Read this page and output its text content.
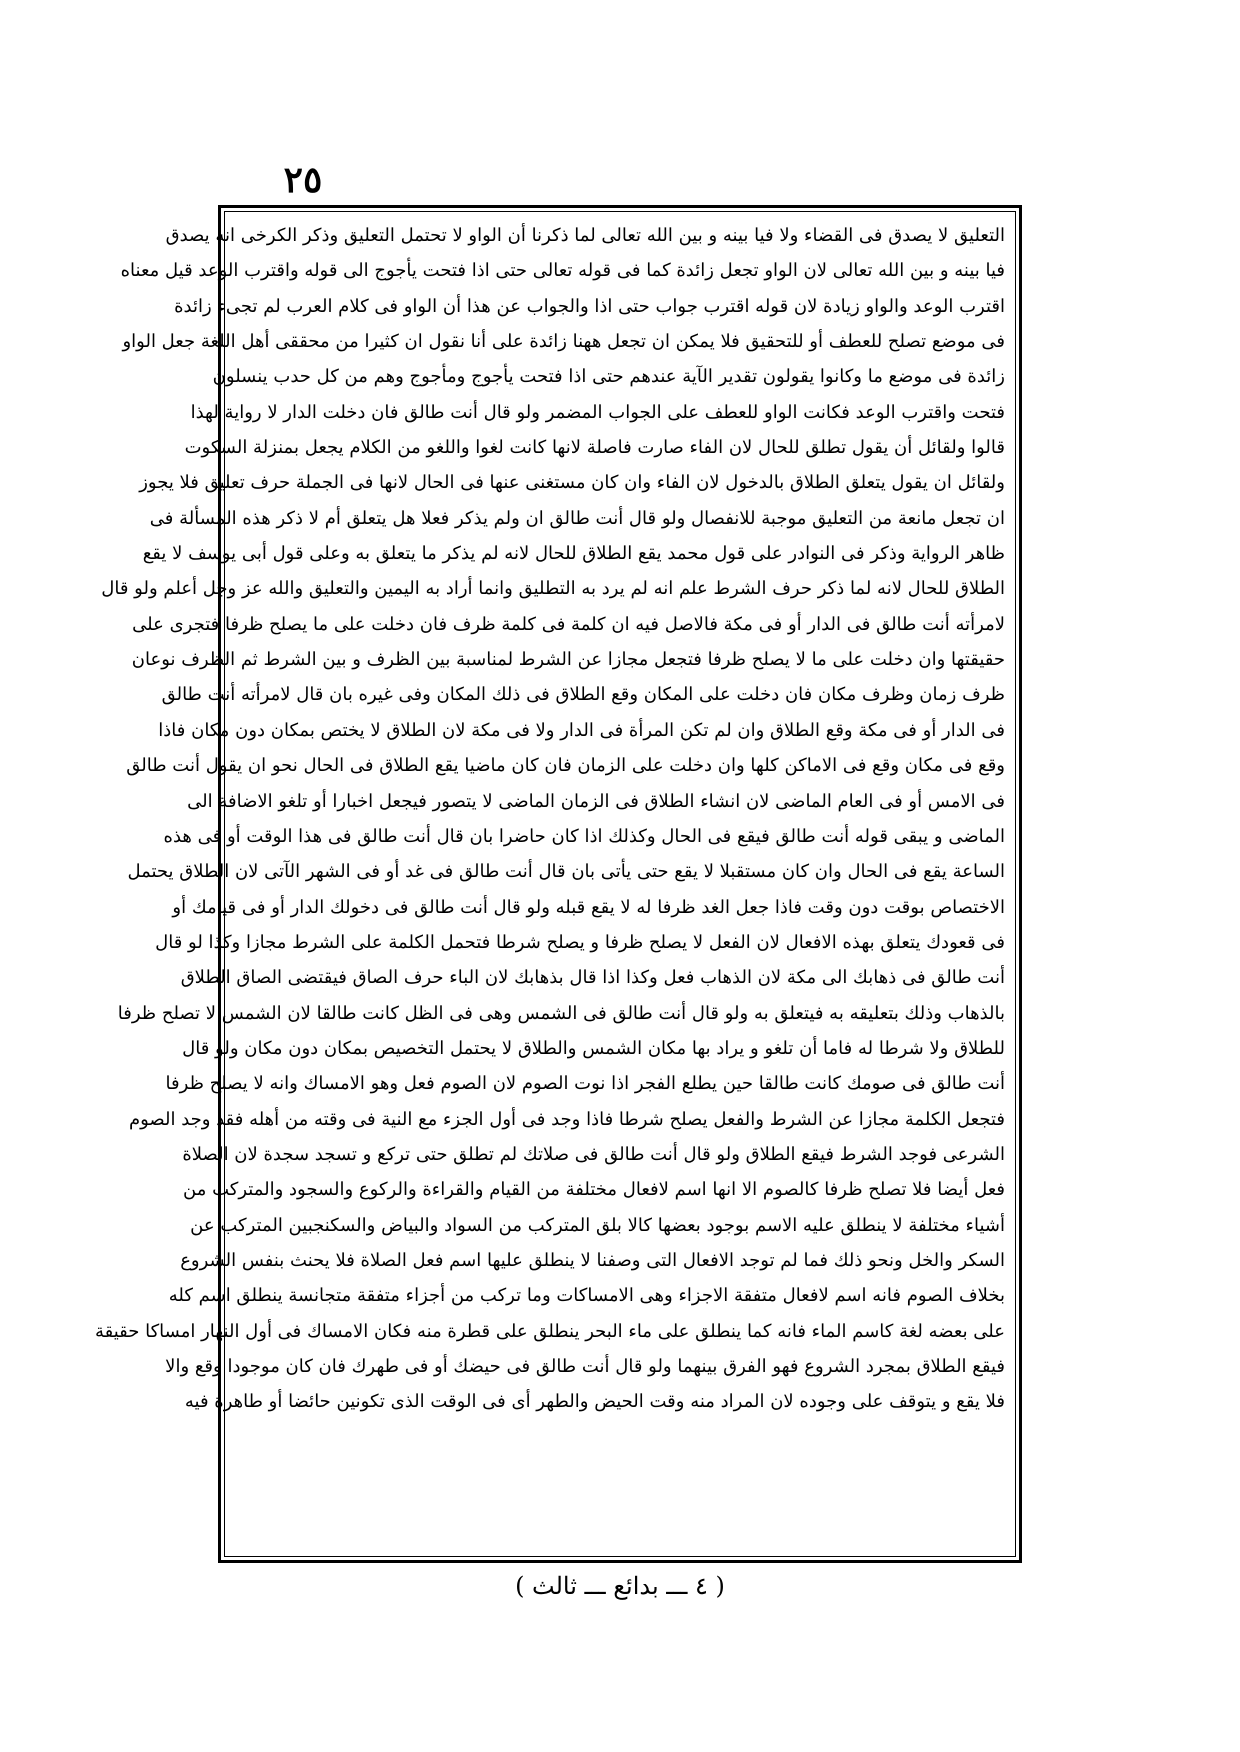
٢٥
التعليق لا يصدق فى القضاء ولا فيا بينه و بين الله تعالى لما ذكرنا أن الواو لا تحتمل التعليق وذكر الكرخى انه يصدق
فيا بينه و بين الله تعالى لان الواو تجعل زائدة كما فى قوله تعالى حتى اذا فتحت يأجوج الى قوله واقترب الوعد قيل معناه
اقترب الوعد والواو زيادة لان قوله اقترب جواب حتى اذا والجواب عن هذا أن الواو فى كلام العرب لم تجىء زائدة
فى موضع تصلح للعطف أو للتحقيق فلا يمكن ان تجعل ههنا زائدة على أنا نقول ان كثيرا من محققى أهل اللغة جعل الواو
زائدة فى موضع ما وكانوا يقولون تقدير الآية عندهم حتى اذا فتحت يأجوج ومأجوج وهم من كل حدب ينسلون
فتحت واقترب الوعد فكانت الواو للعطف على الجواب المضمر ولو قال أنت طالق فان دخلت الدار لا رواية لهذا
قالوا ولقائل أن يقول تطلق للحال لان الفاء صارت فاصلة لانها كانت لغوا واللغو من الكلام يجعل بمنزلة السكوت
ولقائل ان يقول يتعلق الطلاق بالدخول لان الفاء وان كان مستغنى عنها فى الحال لانها فى الجملة حرف تعليق فلا يجوز
ان تجعل مانعة من التعليق موجبة للانفصال ولو قال أنت طالق ان ولم يذكر فعلا هل يتعلق أم لا ذكر هذه المسألة فى
ظاهر الرواية وذكر فى النوادر على قول محمد يقع الطلاق للحال لانه لم يذكر ما يتعلق به وعلى قول أبى يوسف لا يقع
الطلاق للحال لانه لما ذكر حرف الشرط علم انه لم يرد به التطليق وانما أراد به اليمين والتعليق والله عز وجل أعلم ولو قال
لامرأته أنت طالق فى الدار أو فى مكة فالاصل فيه ان كلمة فى كلمة ظرف فان دخلت على ما يصلح ظرفا فتجرى على
حقيقتها وان دخلت على ما لا يصلح ظرفا فتجعل مجازا عن الشرط لمناسبة بين الظرف و بين الشرط ثم الظرف نوعان
ظرف زمان وظرف مكان فان دخلت على المكان وقع الطلاق فى ذلك المكان وفى غيره بان قال لامرأته أنت طالق
فى الدار أو فى مكة وقع الطلاق وان لم تكن المرأة فى الدار ولا فى مكة لان الطلاق لا يختص بمكان دون مكان فاذا
وقع فى مكان وقع فى الاماكن كلها وان دخلت على الزمان فان كان ماضيا يقع الطلاق فى الحال نحو ان يقول أنت طالق
فى الامس أو فى العام الماضى لان انشاء الطلاق فى الزمان الماضى لا يتصور فيجعل اخبارا أو تلغو الاضافة الى
الماضى و يبقى قوله أنت طالق فيقع فى الحال وكذلك اذا كان حاضرا بان قال أنت طالق فى هذا الوقت أو فى هذه
الساعة يقع فى الحال وان كان مستقبلا لا يقع حتى يأتى بان قال أنت طالق فى غد أو فى الشهر الآتى لان الطلاق يحتمل
الاختصاص بوقت دون وقت فاذا جعل الغد ظرفا له لا يقع قبله ولو قال أنت طالق فى دخولك الدار أو فى قيامك أو
فى قعودك يتعلق بهذه الافعال لان الفعل لا يصلح ظرفا و يصلح شرطا فتحمل الكلمة على الشرط مجازا وكذا لو قال
أنت طالق فى ذهابك الى مكة لان الذهاب فعل وكذا اذا قال بذهابك لان الباء حرف الصاق فيقتضى الصاق الطلاق
بالذهاب وذلك بتعليقه به فيتعلق به ولو قال أنت طالق فى الشمس وهى فى الظل كانت طالقا لان الشمس لا تصلح ظرفا
للطلاق ولا شرطا له فاما أن تلغو و يراد بها مكان الشمس والطلاق لا يحتمل التخصيص بمكان دون مكان ولو قال
أنت طالق فى صومك كانت طالقا حين يطلع الفجر اذا نوت الصوم لان الصوم فعل وهو الامساك وانه لا يصلح ظرفا
فتجعل الكلمة مجازا عن الشرط والفعل يصلح شرطا فاذا وجد فى أول الجزء مع النية فى وقته من أهله فقد وجد الصوم
الشرعى فوجد الشرط فيقع الطلاق ولو قال أنت طالق فى صلاتك لم تطلق حتى تركع و تسجد سجدة لان الصلاة
فعل أيضا فلا تصلح ظرفا كالصوم الا انها اسم لافعال مختلفة من القيام والقراءة والركوع والسجود والمتركب من
أشياء مختلفة لا ينطلق عليه الاسم بوجود بعضها كالا بلق المتركب من السواد والبياض والسكنجبين المتركب عن
السكر والخل ونحو ذلك فما لم توجد الافعال التى وصفنا لا ينطلق عليها اسم فعل الصلاة فلا يحنث بنفس الشروع
بخلاف الصوم فانه اسم لافعال متفقة الاجزاء وهى الامساكات وما تركب من أجزاء متفقة متجانسة ينطلق اسم كله
على بعضه لغة كاسم الماء فانه كما ينطلق على ماء البحر ينطلق على قطرة منه فكان الامساك فى أول النهار امساكا حقيقة
فيقع الطلاق بمجرد الشروع فهو الفرق بينهما ولو قال أنت طالق فى حيضك أو فى طهرك فان كان موجودا وقع والا
فلا يقع و يتوقف على وجوده لان المراد منه وقت الحيض والطهر أى فى الوقت الذى تكونين حائضا أو طاهرة فيه
( ٤ ـــ بدائع ـــ ثالث )
